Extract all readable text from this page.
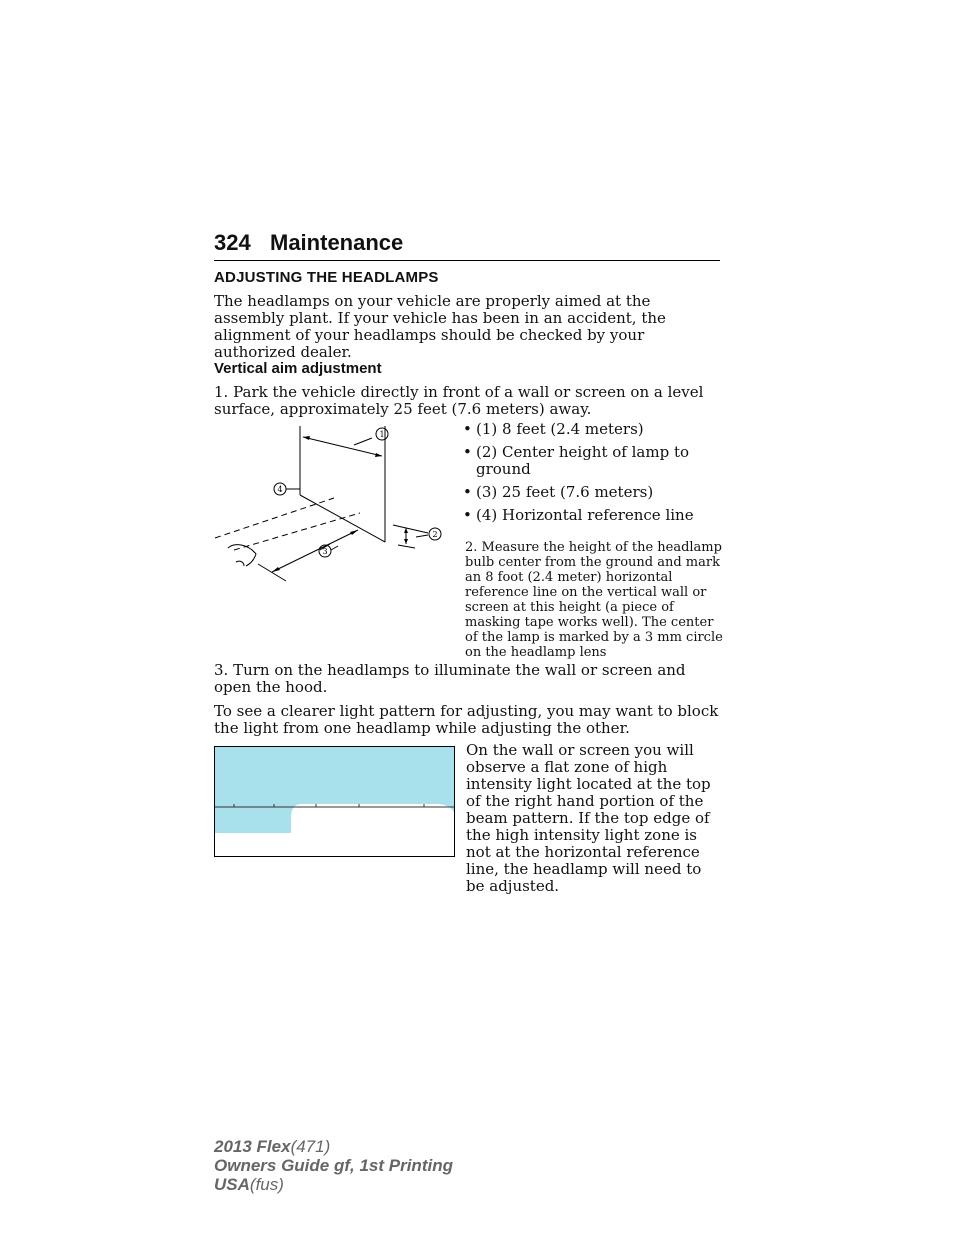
324 Maintenance
ADJUSTING THE HEADLAMPS

The headlamps on your vehicle are properly aimed at the assembly plant. If your vehicle has been in an accident, the alignment of your headlamps should be checked by your authorized dealer.

Vertical aim adjustment

1. Park the vehicle directly in front of a wall or screen on a level surface, approximately 25 feet (7.6 meters) away.

1
2
3
4
• (1) 8 feet (2.4 meters)
• (2) Center height of lamp to ground
• (3) 25 feet (7.6 meters)
• (4) Horizontal reference line

2. Measure the height of the headlamp bulb center from the ground and mark an 8 foot (2.4 meter) horizontal reference line on the vertical wall or screen at this height (a piece of masking tape works well). The center of the lamp is marked by a 3 mm circle on the headlamp lens

3. Turn on the headlamps to illuminate the wall or screen and open the hood.

To see a clearer light pattern for adjusting, you may want to block the light from one headlamp while adjusting the other.

On the wall or screen you will observe a flat zone of high intensity light located at the top of the right hand portion of the beam pattern. If the top edge of the high intensity light zone is not at the horizontal reference line, the headlamp will need to be adjusted.

2013 Flex(471)
Owners Guide gf, 1st Printing
USA(fus)
